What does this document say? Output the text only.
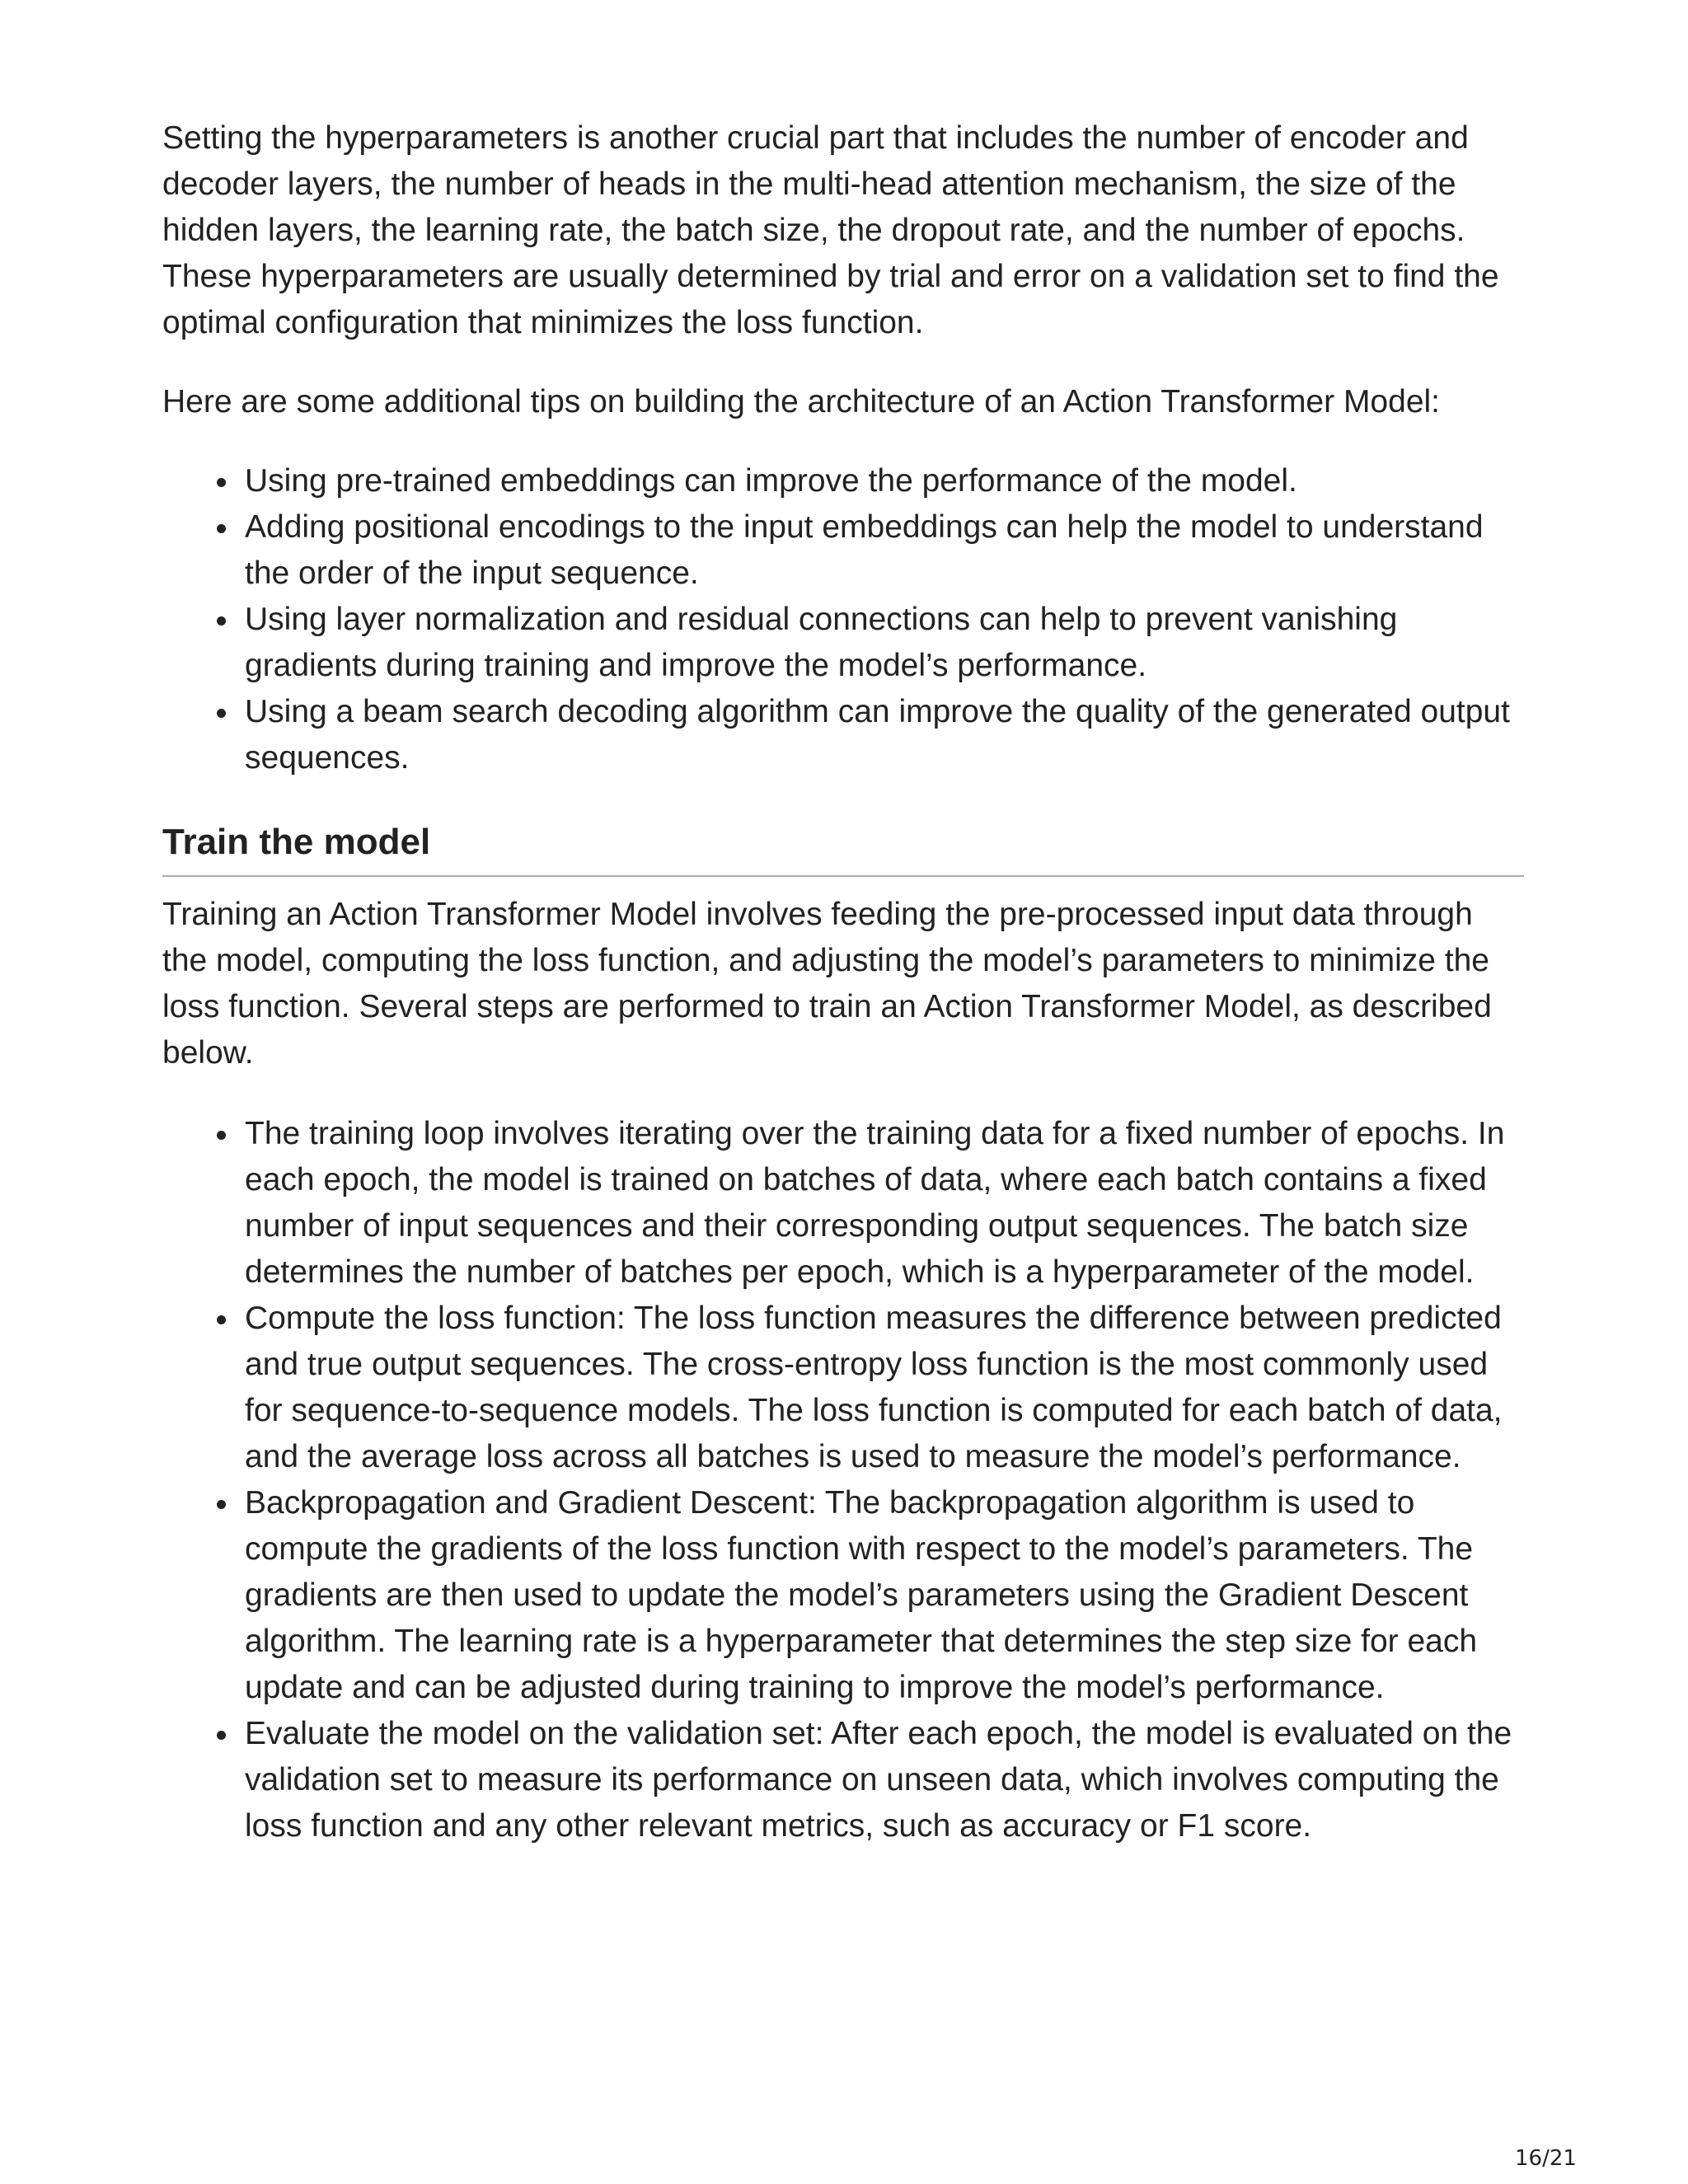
Setting the hyperparameters is another crucial part that includes the number of encoder and decoder layers, the number of heads in the multi-head attention mechanism, the size of the hidden layers, the learning rate, the batch size, the dropout rate, and the number of epochs. These hyperparameters are usually determined by trial and error on a validation set to find the optimal configuration that minimizes the loss function.

Here are some additional tips on building the architecture of an Action Transformer Model:

Using pre-trained embeddings can improve the performance of the model.
Adding positional encodings to the input embeddings can help the model to understand the order of the input sequence.
Using layer normalization and residual connections can help to prevent vanishing gradients during training and improve the model’s performance.
Using a beam search decoding algorithm can improve the quality of the generated output sequences.
Train the model

Training an Action Transformer Model involves feeding the pre-processed input data through the model, computing the loss function, and adjusting the model’s parameters to minimize the loss function. Several steps are performed to train an Action Transformer Model, as described below.

The training loop involves iterating over the training data for a fixed number of epochs. In each epoch, the model is trained on batches of data, where each batch contains a fixed number of input sequences and their corresponding output sequences. The batch size determines the number of batches per epoch, which is a hyperparameter of the model.
Compute the loss function: The loss function measures the difference between predicted and true output sequences. The cross-entropy loss function is the most commonly used for sequence-to-sequence models. The loss function is computed for each batch of data, and the average loss across all batches is used to measure the model’s performance.
Backpropagation and Gradient Descent: The backpropagation algorithm is used to compute the gradients of the loss function with respect to the model’s parameters. The gradients are then used to update the model’s parameters using the Gradient Descent algorithm. The learning rate is a hyperparameter that determines the step size for each update and can be adjusted during training to improve the model’s performance.
Evaluate the model on the validation set: After each epoch, the model is evaluated on the validation set to measure its performance on unseen data, which involves computing the loss function and any other relevant metrics, such as accuracy or F1 score.
16/21
